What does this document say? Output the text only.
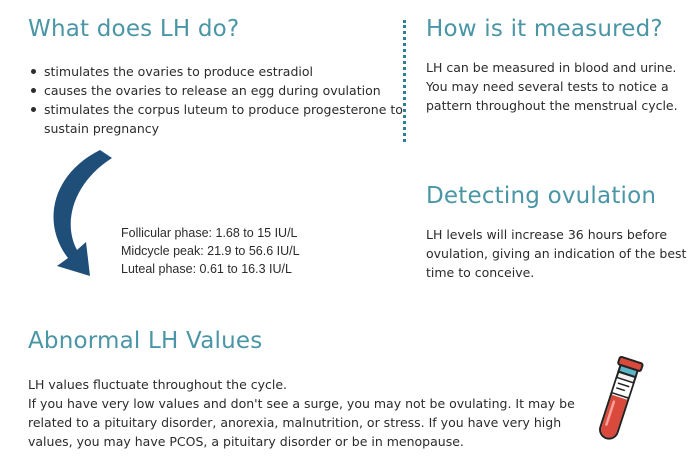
What does LH do?
stimulates the ovaries to produce estradiol
causes the ovaries to release an egg during ovulation
stimulates the corpus luteum to produce progesterone to sustain pregnancy
How is it measured?

LH can be measured in blood and urine. You may need several tests to notice a pattern throughout the menstrual cycle.

Follicular phase: 1.68 to 15 IU/L
Midcycle peak: 21.9 to 56.6 IU/L
Luteal phase: 0.61 to 16.3 IU/L
Detecting ovulation

LH levels will increase 36 hours before ovulation, giving an indication of the best time to conceive.

Abnormal LH Values

LH values fluctuate throughout the cycle.

If you have very low values and don't see a surge, you may not be ovulating. It may be related to a pituitary disorder, anorexia, malnutrition, or stress. If you have very high values, you may have PCOS, a pituitary disorder or be in menopause.
